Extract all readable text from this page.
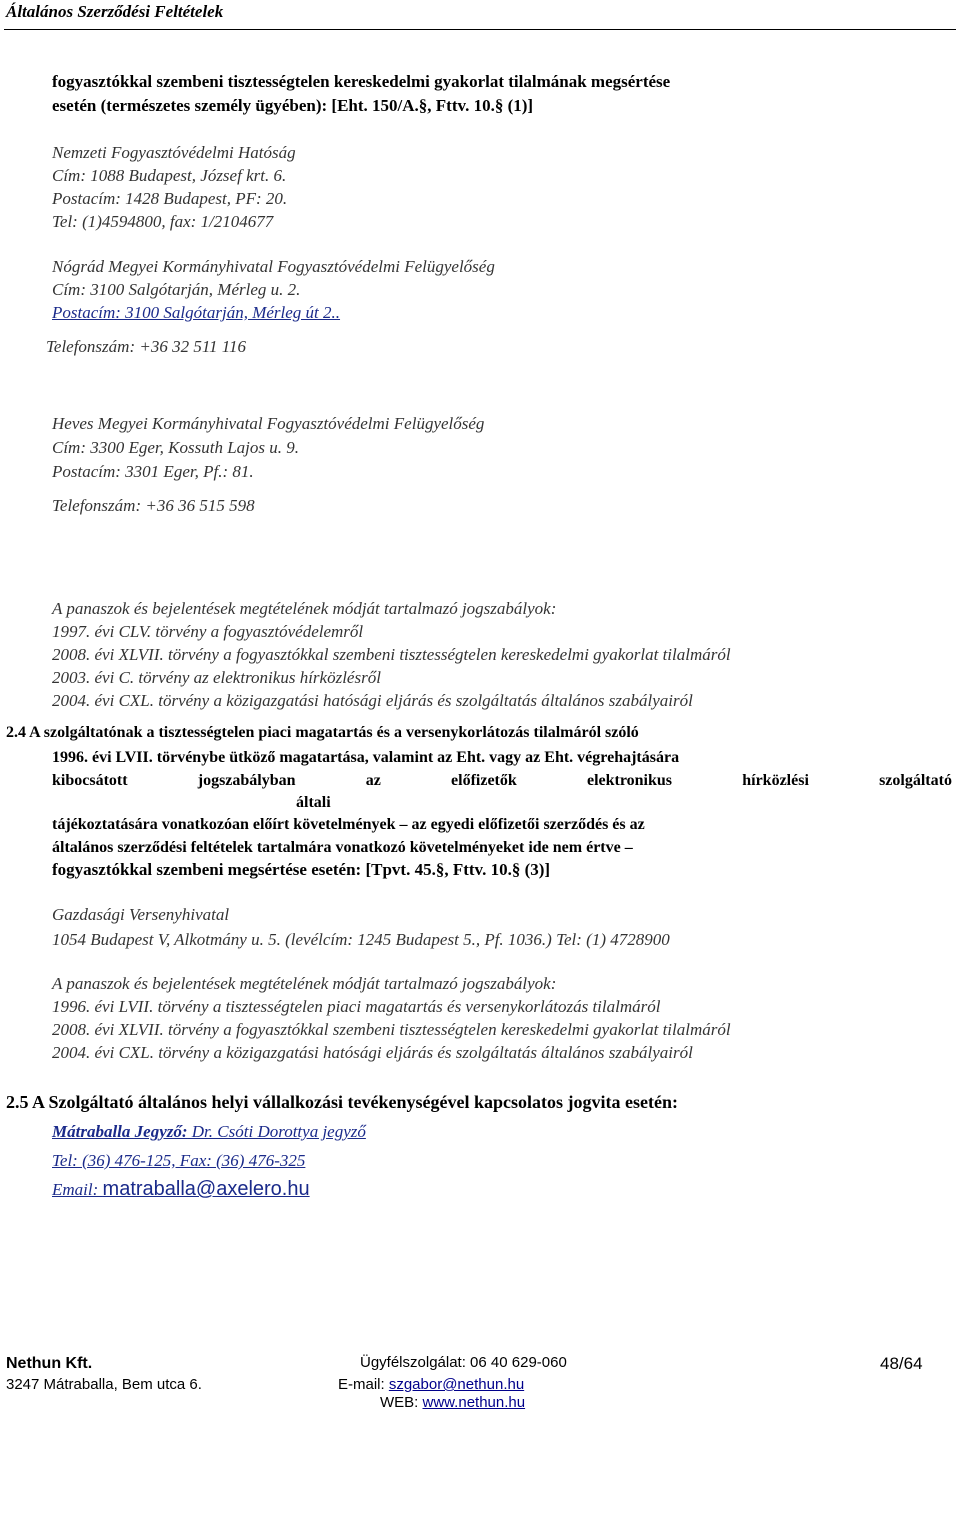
Általános Szerződési Feltételek
fogyasztókkal szembeni tisztességtelen kereskedelmi gyakorlat tilalmának megsértése
esetén (természetes személy ügyében): [Eht. 150/A.§, Fttv. 10.§ (1)]
Nemzeti Fogyasztóvédelmi Hatóság
Cím: 1088 Budapest, József krt. 6.
Postacím: 1428 Budapest, PF: 20.
Tel: (1)4594800, fax: 1/2104677
Nógrád Megyei Kormányhivatal Fogyasztóvédelmi Felügyelőség
Cím: 3100 Salgótarján, Mérleg u. 2.
Postacím: 3100 Salgótarján, Mérleg út 2..
Telefonszám: +36 32 511 116
Heves Megyei Kormányhivatal Fogyasztóvédelmi Felügyelőség
Cím: 3300 Eger, Kossuth Lajos u. 9.
Postacím: 3301 Eger, Pf.: 81.
Telefonszám: +36 36 515 598
A panaszok és bejelentések megtételének módját tartalmazó jogszabályok:
1997. évi CLV. törvény a fogyasztóvédelemről
2008. évi XLVII. törvény a fogyasztókkal szembeni tisztességtelen kereskedelmi gyakorlat tilalmáról
2003. évi C. törvény az elektronikus hírközlésről
2004. évi CXL. törvény a közigazgatási hatósági eljárás és szolgáltatás általános szabályairól
2.4 A szolgáltatónak a tisztességtelen piaci magatartás és a versenykorlátozás tilalmáról szóló
1996. évi LVII. törvénybe ütköző magatartása, valamint az Eht. vagy az Eht. végrehajtására
kibocsátott	jogszabályban	az	előfizetők	elektronikus	hírközlési	szolgáltató
általi
tájékoztatására vonatkozóan előírt követelmények – az egyedi előfizetői szerződés és az
általános szerződési feltételek tartalmára vonatkozó követelményeket ide nem értve –
fogyasztókkal szembeni megsértése esetén: [Tpvt. 45.§, Fttv. 10.§ (3)]
Gazdasági Versenyhivatal
1054 Budapest V, Alkotmány u. 5. (levélcím: 1245 Budapest 5., Pf. 1036.) Tel: (1) 4728900
A panaszok és bejelentések megtételének módját tartalmazó jogszabályok:
1996. évi LVII. törvény a tisztességtelen piaci magatartás és versenykorlátozás tilalmáról
2008. évi XLVII. törvény a fogyasztókkal szembeni tisztességtelen kereskedelmi gyakorlat tilalmáról
2004. évi CXL. törvény a közigazgatási hatósági eljárás és szolgáltatás általános szabályairól
2.5 A Szolgáltató általános helyi vállalkozási tevékenységével kapcsolatos jogvita esetén:
Mátraballa Jegyző: Dr. Csóti Dorottya jegyző
Tel: (36) 476-125, Fax: (36) 476-325
Email: matraballa@axelero.hu
Nethun Kft.
3247 Mátraballa, Bem utca 6.
Ügyfélszolgálat: 06 40 629-060
E-mail: szgabor@nethun.hu
WEB: www.nethun.hu
48/64
